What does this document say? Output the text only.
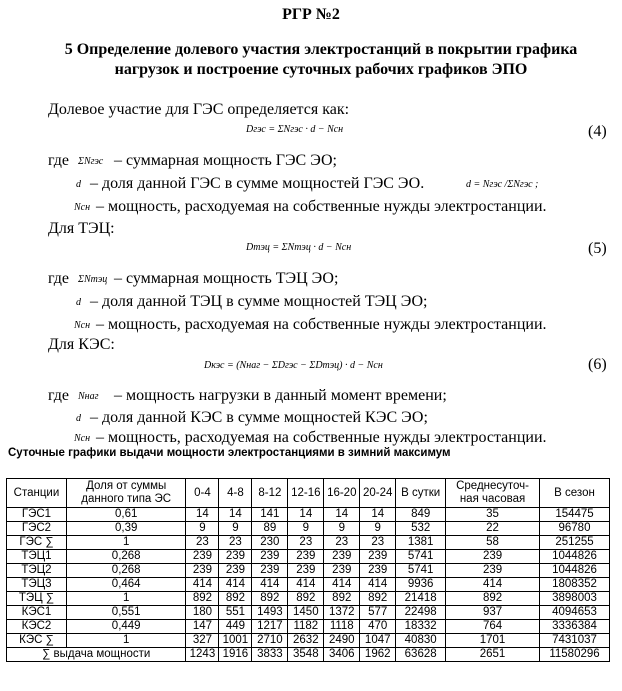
РГР №2
5 Определение долевого участия электростанций в покрытии графика нагрузок и построение суточных рабочих графиков ЭПО
Долевое участие для ГЭС определяется как:
Dгэс = ΣNгэс · d − Nсн	(4)
где ΣNгэс – суммарная мощность ГЭС ЭО;
d – доля данной ГЭС в сумме мощностей ГЭС ЭО.	d = Nгэс /ΣNгэс ;
Nсн – мощность, расходуемая на собственные нужды электростанции.
Для ТЭЦ:
Dтэц = ΣNтэц · d − Nсн	(5)
где ΣNтэц – суммарная мощность ТЭЦ ЭО;
d – доля данной ТЭЦ в сумме мощностей ТЭЦ ЭО;
Nсн – мощность, расходуемая на собственные нужды электростанции.
Для КЭС:
Dкэс = (Nнаг − ΣDгэс − ΣDтэц) · d − Nсн	(6)
где Nнаг – мощность нагрузки в данный момент времени;
d – доля данной КЭС в сумме мощностей КЭС ЭО;
Nсн – мощность, расходуемая на собственные нужды электростанции.
Суточные графики выдачи мощности электростанциями в зимний максимум
Станции	Доля от суммы данного типа ЭС	0-4	4-8	8-12	12-16	16-20	20-24	В сутки	Среднесуточ-ная часовая	В сезон
ГЭС1	0,61	14	14	141	14	14	14	849	35	154475
ГЭС2	0,39	9	9	89	9	9	9	532	22	96780
ГЭС ∑	1	23	23	230	23	23	23	1381	58	251255
ТЭЦ1	0,268	239	239	239	239	239	239	5741	239	1044826
ТЭЦ2	0,268	239	239	239	239	239	239	5741	239	1044826
ТЭЦ3	0,464	414	414	414	414	414	414	9936	414	1808352
ТЭЦ ∑	1	892	892	892	892	892	892	21418	892	3898003
КЭС1	0,551	180	551	1493	1450	1372	577	22498	937	4094653
КЭС2	0,449	147	449	1217	1182	1118	470	18332	764	3336384
КЭС ∑	1	327	1001	2710	2632	2490	1047	40830	1701	7431037
∑ выдача мощности		1243	1916	3833	3548	3406	1962	63628	2651	11580296
